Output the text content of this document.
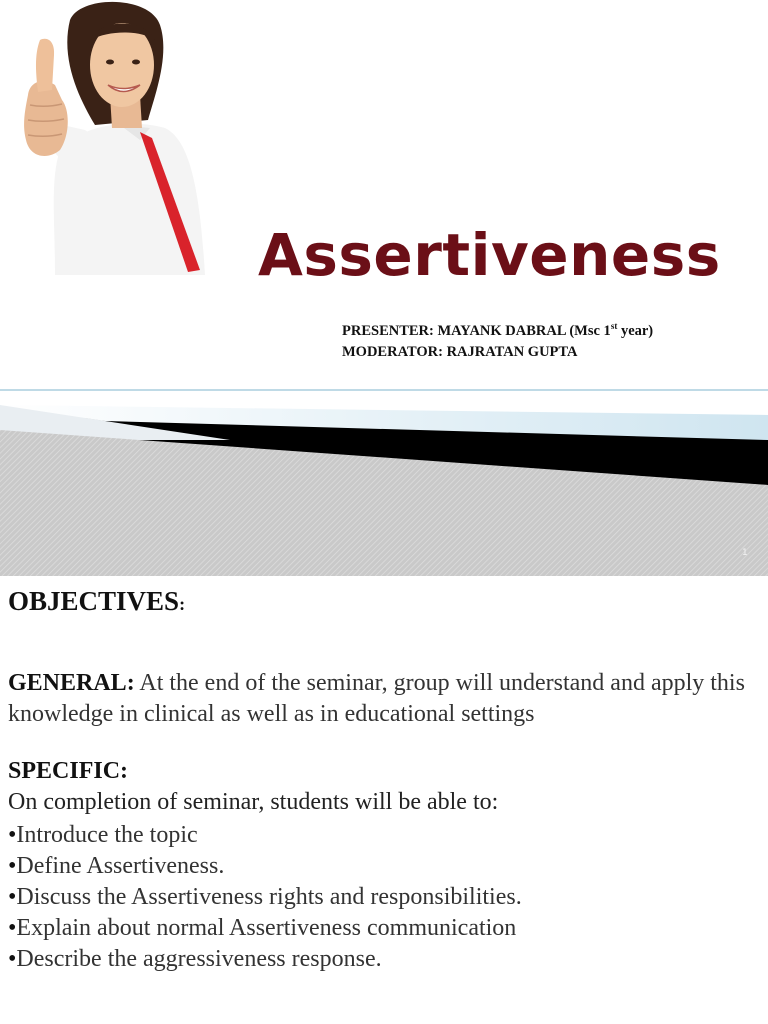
Assertiveness
PRESENTER: MAYANK DABRAL (Msc 1st year)
MODERATOR: RAJRATAN GUPTA
1
OBJECTIVES:

GENERAL: At the end of the seminar, group will understand and apply this knowledge in clinical as well as in educational settings

SPECIFIC:

On completion of seminar, students will be able to:

• Introduce the topic
• Define Assertiveness.
• Discuss the Assertiveness rights and responsibilities.
• Explain about normal Assertiveness communication
• Describe the aggressiveness response.
